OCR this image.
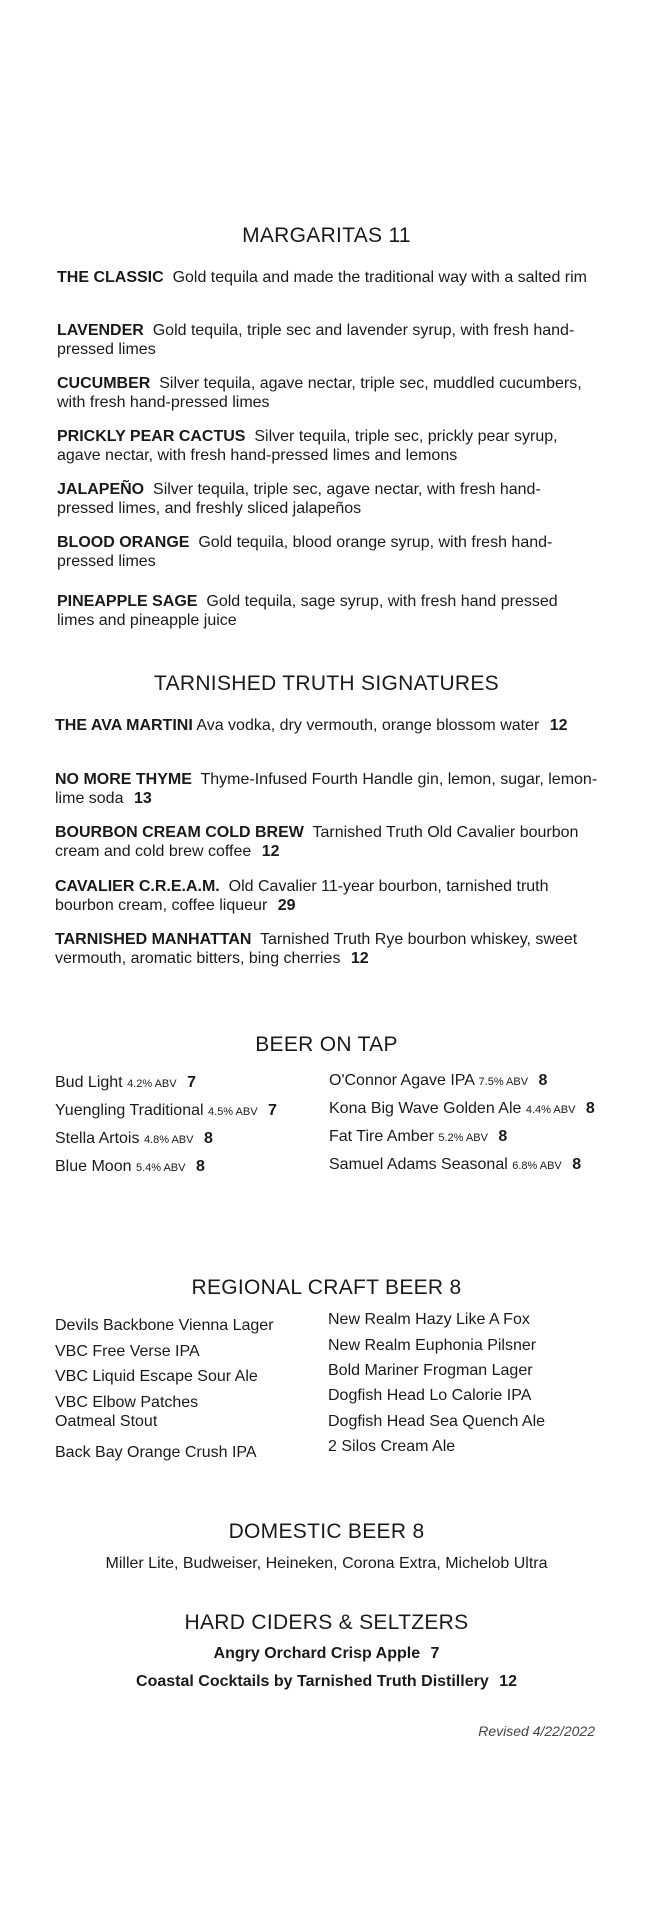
MARGARITAS 11
THE CLASSIC Gold tequila and made the traditional way with a salted rim
LAVENDER Gold tequila, triple sec and lavender syrup, with fresh hand-pressed limes
CUCUMBER Silver tequila, agave nectar, triple sec, muddled cucumbers, with fresh hand-pressed limes
PRICKLY PEAR CACTUS Silver tequila, triple sec, prickly pear syrup, agave nectar, with fresh hand-pressed limes and lemons
JALAPEÑO Silver tequila, triple sec, agave nectar, with fresh hand-pressed limes, and freshly sliced jalapeños
BLOOD ORANGE Gold tequila, blood orange syrup, with fresh hand-pressed limes
PINEAPPLE SAGE Gold tequila, sage syrup, with fresh hand pressed limes and pineapple juice
TARNISHED TRUTH SIGNATURES
THE AVA MARTINI Ava vodka, dry vermouth, orange blossom water 12
NO MORE THYME Thyme-Infused Fourth Handle gin, lemon, sugar, lemon-lime soda 13
BOURBON CREAM COLD BREW Tarnished Truth Old Cavalier bourbon cream and cold brew coffee 12
CAVALIER C.R.E.A.M. Old Cavalier 11-year bourbon, tarnished truth bourbon cream, coffee liqueur 29
TARNISHED MANHATTAN Tarnished Truth Rye bourbon whiskey, sweet vermouth, aromatic bitters, bing cherries 12
BEER ON TAP
Bud Light 4.2% ABV 7
Yuengling Traditional 4.5% ABV 7
Stella Artois 4.8% ABV 8
Blue Moon 5.4% ABV 8
O'Connor Agave IPA 7.5% ABV 8
Kona Big Wave Golden Ale 4.4% ABV 8
Fat Tire Amber 5.2% ABV 8
Samuel Adams Seasonal 6.8% ABV 8
REGIONAL CRAFT BEER 8
Devils Backbone Vienna Lager
VBC Free Verse IPA
VBC Liquid Escape Sour Ale
VBC Elbow Patches
Oatmeal Stout
Back Bay Orange Crush IPA
New Realm Hazy Like A Fox
New Realm Euphonia Pilsner
Bold Mariner Frogman Lager
Dogfish Head Lo Calorie IPA
Dogfish Head Sea Quench Ale
2 Silos Cream Ale
DOMESTIC BEER 8
Miller Lite, Budweiser, Heineken, Corona Extra, Michelob Ultra
HARD CIDERS & SELTZERS
Angry Orchard Crisp Apple 7
Coastal Cocktails by Tarnished Truth Distillery 12
Revised 4/22/2022
